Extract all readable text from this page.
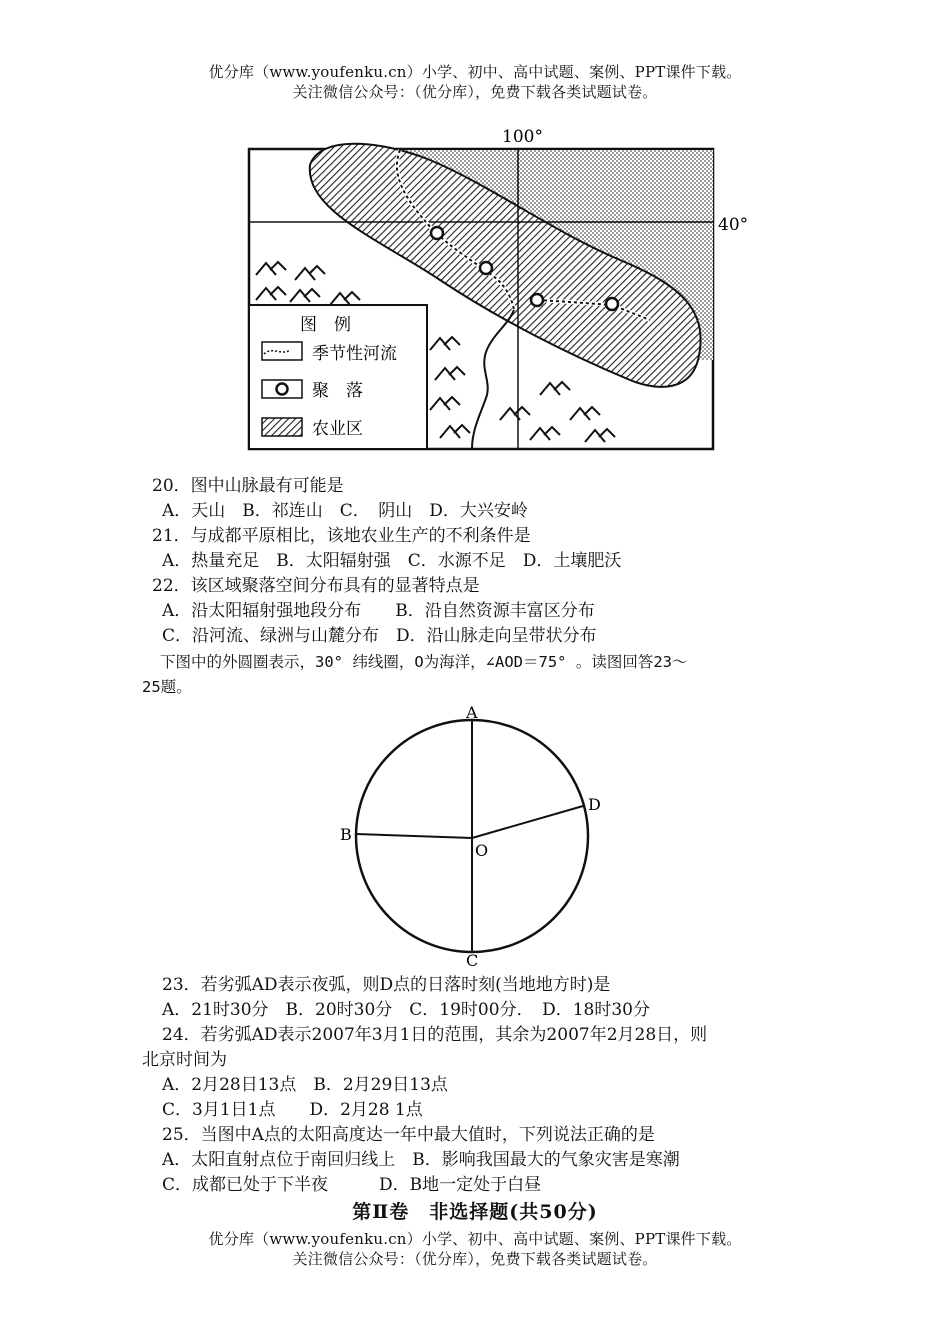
优分库（www.youfenku.cn）小学、初中、高中试题、案例、PPT课件下载。
关注微信公众号：（优分库），免费下载各类试题试卷。
100°
40°
图　例
季节性河流
聚　落
农业区
20．图中山脉最有可能是
A．天山　B．祁连山　C．　阴山　D．大兴安岭
21．与成都平原相比，该地农业生产的不利条件是
A．热量充足　B．太阳辐射强　C．水源不足　D．土壤肥沃
22．该区域聚落空间分布具有的显著特点是
A．沿太阳辐射强地段分布　　B．沿自然资源丰富区分布
C．沿河流、绿洲与山麓分布　D．沿山脉走向呈带状分布
下图中的外圆圈表示，30° 纬线圈，O为海洋，∠AOD＝75° 。读图回答23～
25题。
A
B
C
D
O
23．若劣弧AD表示夜弧，则D点的日落时刻(当地地方时)是
A．21时30分　B．20时30分　C．19时00分．　D．18时30分
24．若劣弧AD表示2007年3月1日的范围，其余为2007年2月28日，则
北京时间为
A．2月28日13点　B．2月29日13点
C．3月1日1点　　D．2月28 1点
25．当图中A点的太阳高度达一年中最大值时，下列说法正确的是
A．太阳直射点位于南回归线上　B．影响我国最大的气象灾害是寒潮
C．成都已处于下半夜　　　D．B地一定处于白昼
第Ⅱ卷　非选择题(共50分)
优分库（www.youfenku.cn）小学、初中、高中试题、案例、PPT课件下载。
关注微信公众号：（优分库），免费下载各类试题试卷。
